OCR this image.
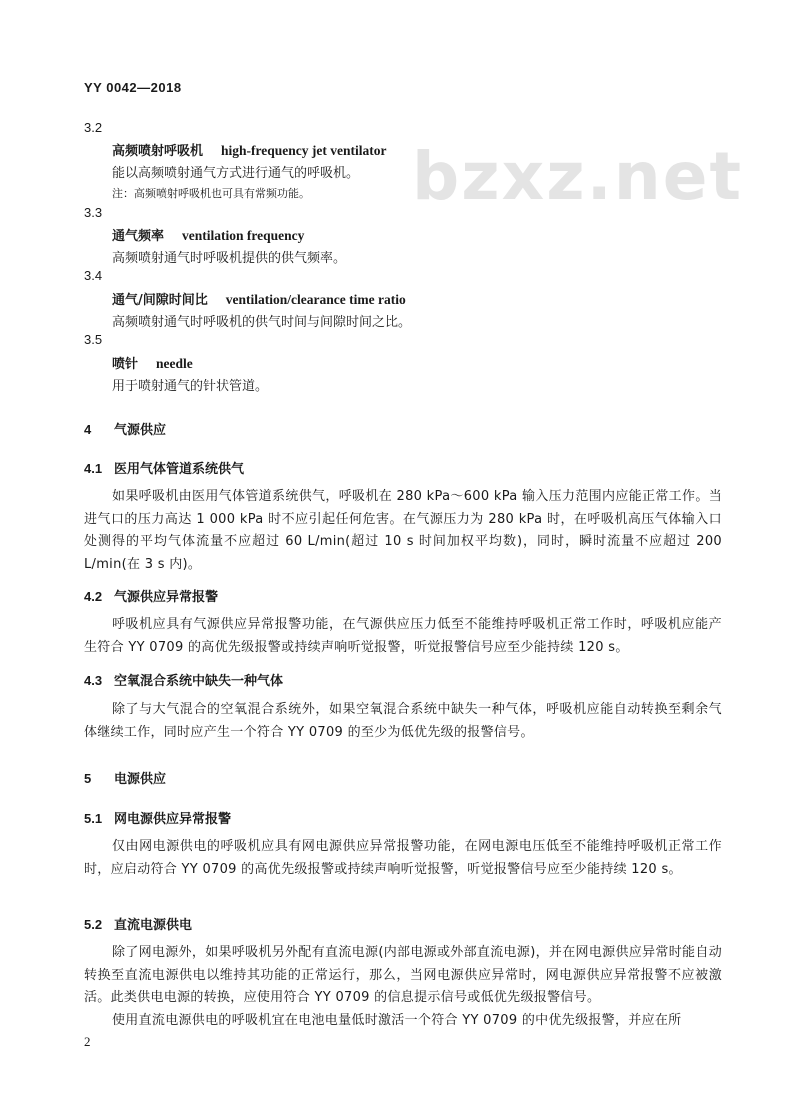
YY 0042—2018
bzxz.net
3.2
高频喷射呼吸机 high-frequency jet ventilator
能以高频喷射通气方式进行通气的呼吸机。
注：高频喷射呼吸机也可具有常频功能。
3.3
通气频率 ventilation frequency
高频喷射通气时呼吸机提供的供气频率。
3.4
通气/间隙时间比 ventilation/clearance time ratio
高频喷射通气时呼吸机的供气时间与间隙时间之比。
3.5
喷针 needle
用于喷射通气的针状管道。
4 气源供应
4.1 医用气体管道系统供气
如果呼吸机由医用气体管道系统供气，呼吸机在 280 kPa～600 kPa 输入压力范围内应能正常工作。当进气口的压力高达 1 000 kPa 时不应引起任何危害。在气源压力为 280 kPa 时，在呼吸机高压气体输入口处测得的平均气体流量不应超过 60 L/min(超过 10 s 时间加权平均数)，同时，瞬时流量不应超过 200 L/min(在 3 s 内)。
4.2 气源供应异常报警
呼吸机应具有气源供应异常报警功能，在气源供应压力低至不能维持呼吸机正常工作时，呼吸机应能产生符合 YY 0709 的高优先级报警或持续声响听觉报警，听觉报警信号应至少能持续 120 s。
4.3 空氧混合系统中缺失一种气体
除了与大气混合的空氧混合系统外，如果空氧混合系统中缺失一种气体，呼吸机应能自动转换至剩余气体继续工作，同时应产生一个符合 YY 0709 的至少为低优先级的报警信号。
5 电源供应
5.1 网电源供应异常报警
仅由网电源供电的呼吸机应具有网电源供应异常报警功能，在网电源电压低至不能维持呼吸机正常工作时，应启动符合 YY 0709 的高优先级报警或持续声响听觉报警，听觉报警信号应至少能持续 120 s。
5.2 直流电源供电
除了网电源外，如果呼吸机另外配有直流电源(内部电源或外部直流电源)，并在网电源供应异常时能自动转换至直流电源供电以维持其功能的正常运行，那么，当网电源供应异常时，网电源供应异常报警不应被激活。此类供电电源的转换，应使用符合 YY 0709 的信息提示信号或低优先级报警信号。
使用直流电源供电的呼吸机宜在电池电量低时激活一个符合 YY 0709 的中优先级报警，并应在所
2
